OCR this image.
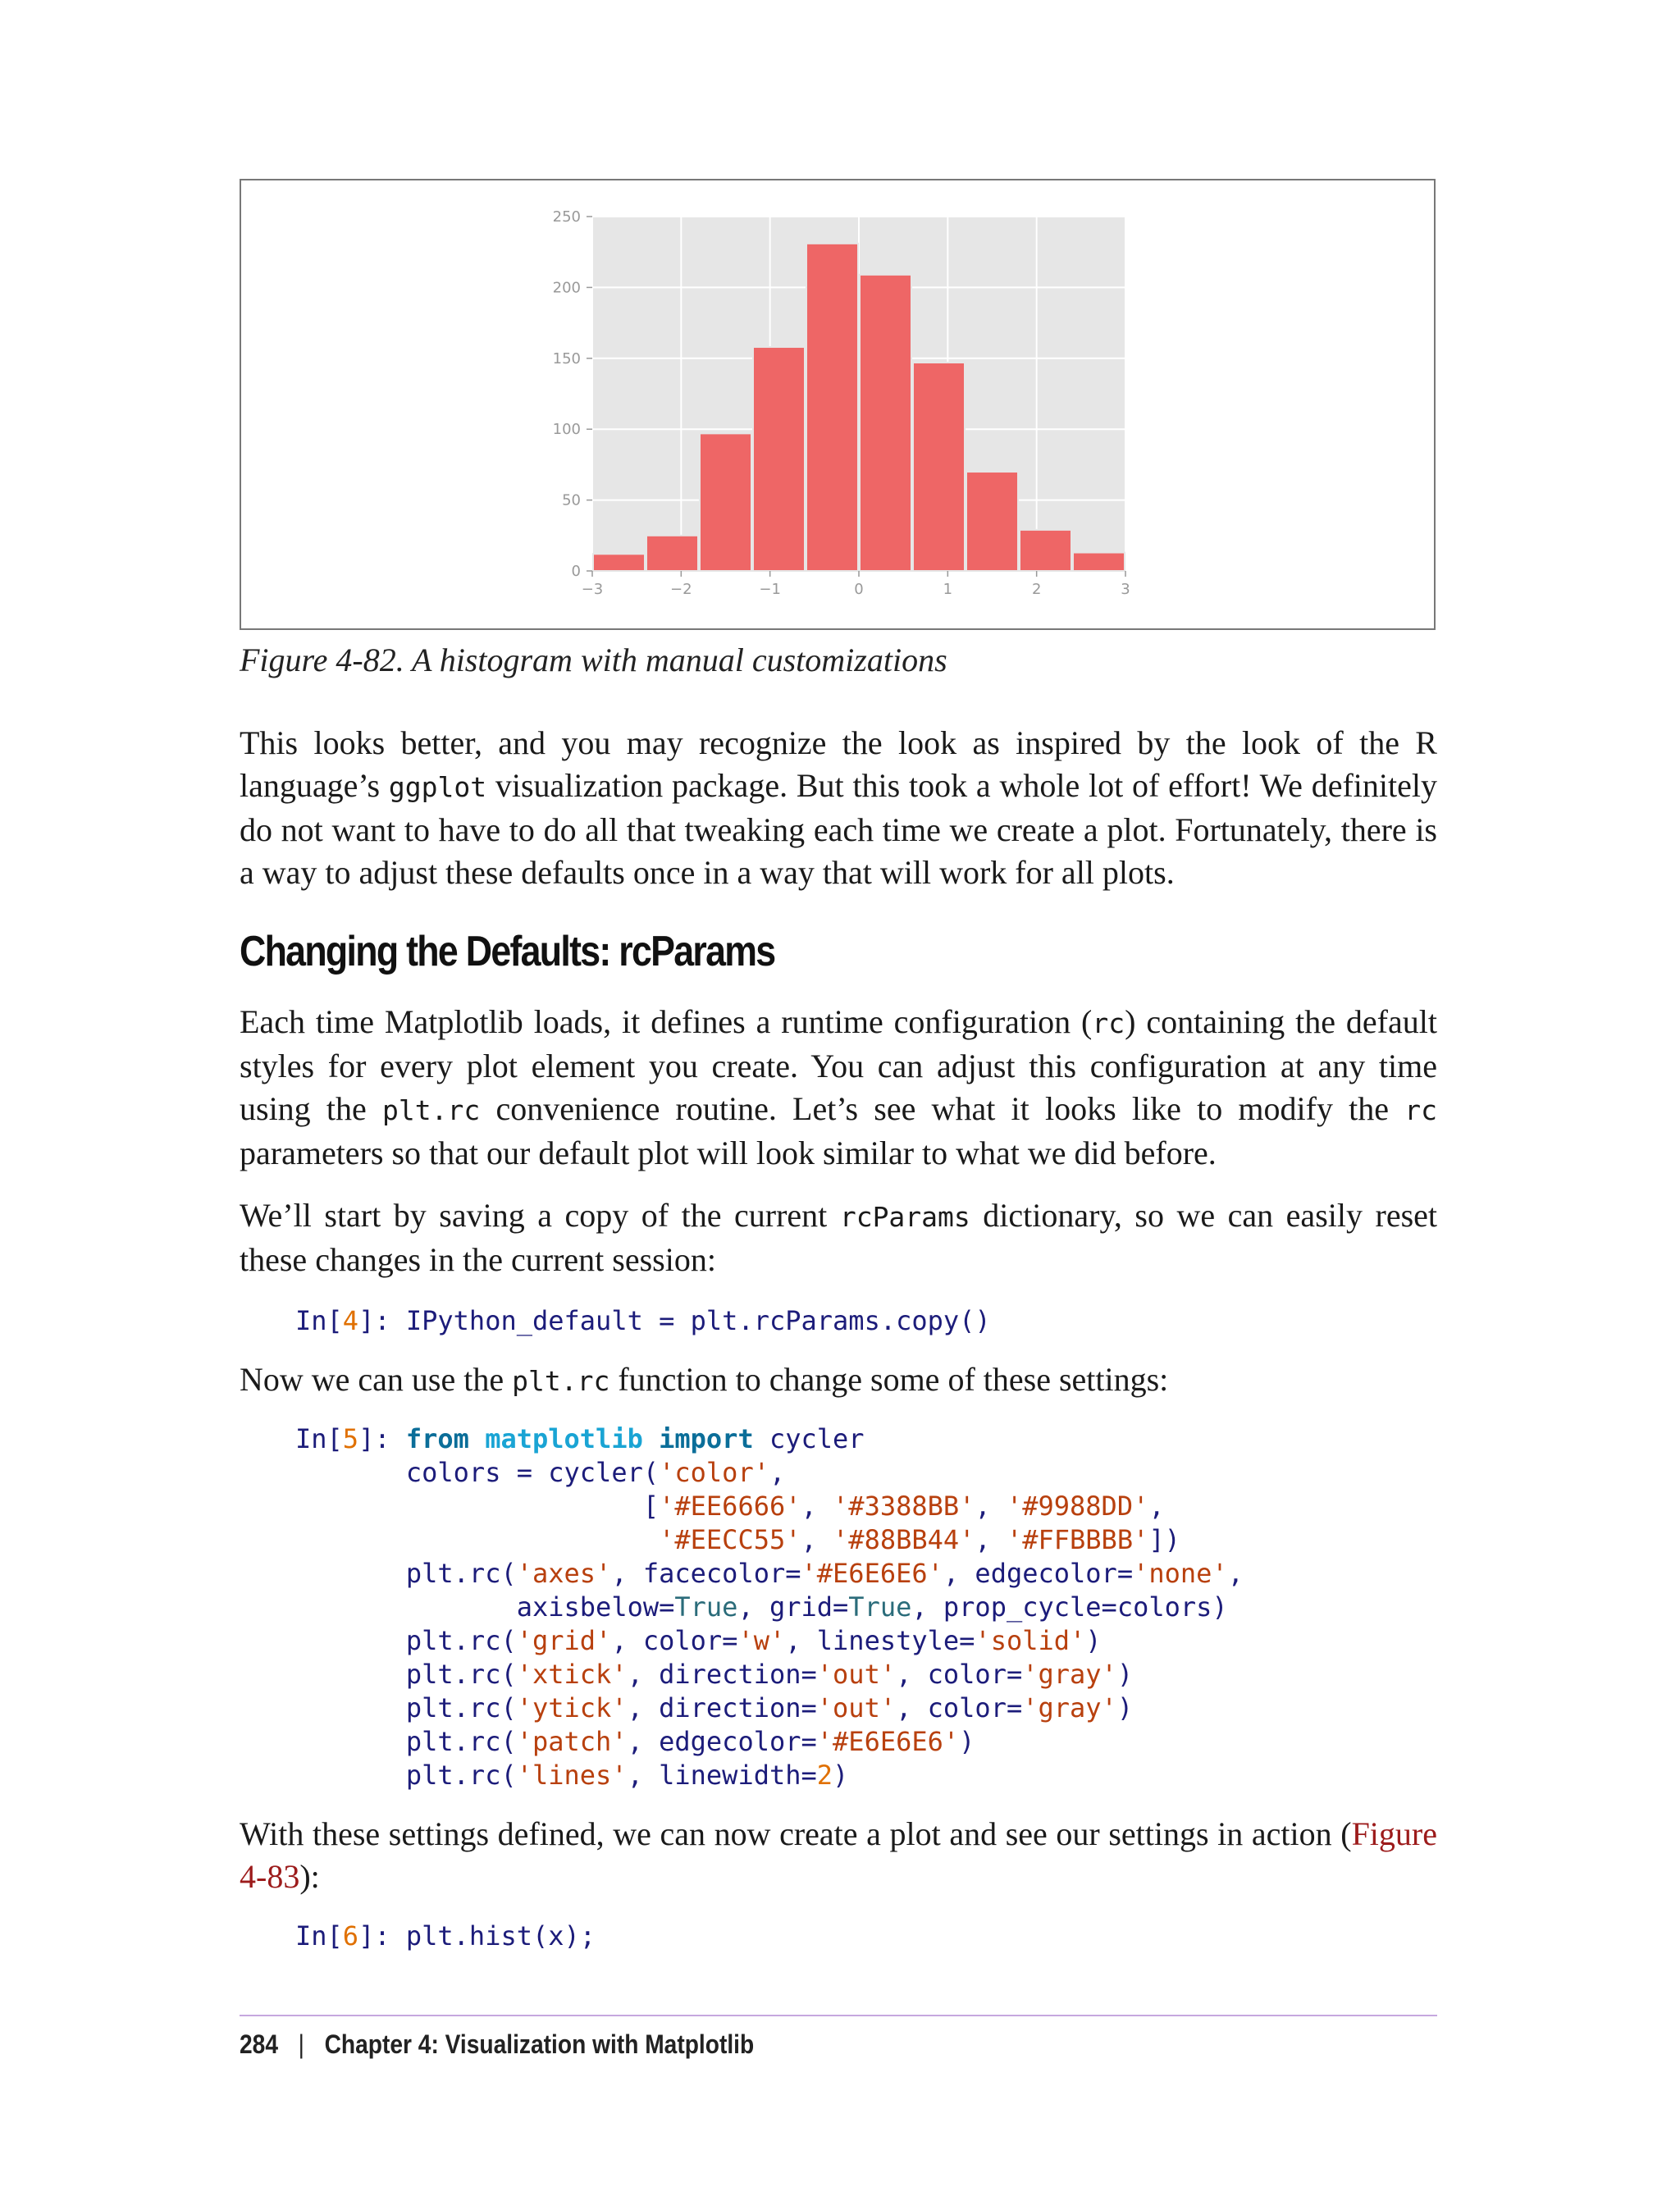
−3	−2	−1	0	1	2	3
0
50
100
150
200
250
Figure 4-82. A histogram with manual customizations

This looks better, and you may recognize the look as inspired by the look of the R language’s ggplot visualization package. But this took a whole lot of effort! We definitely do not want to have to do all that tweaking each time we create a plot. Fortunately, there is a way to adjust these defaults once in a way that will work for all plots.

Changing the Defaults: rcParams

Each time Matplotlib loads, it defines a runtime configuration (rc) containing the default styles for every plot element you create. You can adjust this configuration at any time using the plt.rc convenience routine. Let’s see what it looks like to modify the rc parameters so that our default plot will look similar to what we did before.

We’ll start by saving a copy of the current rcParams dictionary, so we can easily reset these changes in the current session:

In[4]: IPython_default = plt.rcParams.copy()

Now we can use the plt.rc function to change some of these settings:

In[5]: from matplotlib import cycler
colors = cycler('color',
['#EE6666', '#3388BB', '#9988DD',
'#EECC55', '#88BB44', '#FFBBBB'])
plt.rc('axes', facecolor='#E6E6E6', edgecolor='none',
axisbelow=True, grid=True, prop_cycle=colors)
plt.rc('grid', color='w', linestyle='solid')
plt.rc('xtick', direction='out', color='gray')
plt.rc('ytick', direction='out', color='gray')
plt.rc('patch', edgecolor='#E6E6E6')
plt.rc('lines', linewidth=2)

With these settings defined, we can now create a plot and see our settings in action (Figure 4-83):

In[6]: plt.hist(x);
284 | Chapter 4: Visualization with Matplotlib
